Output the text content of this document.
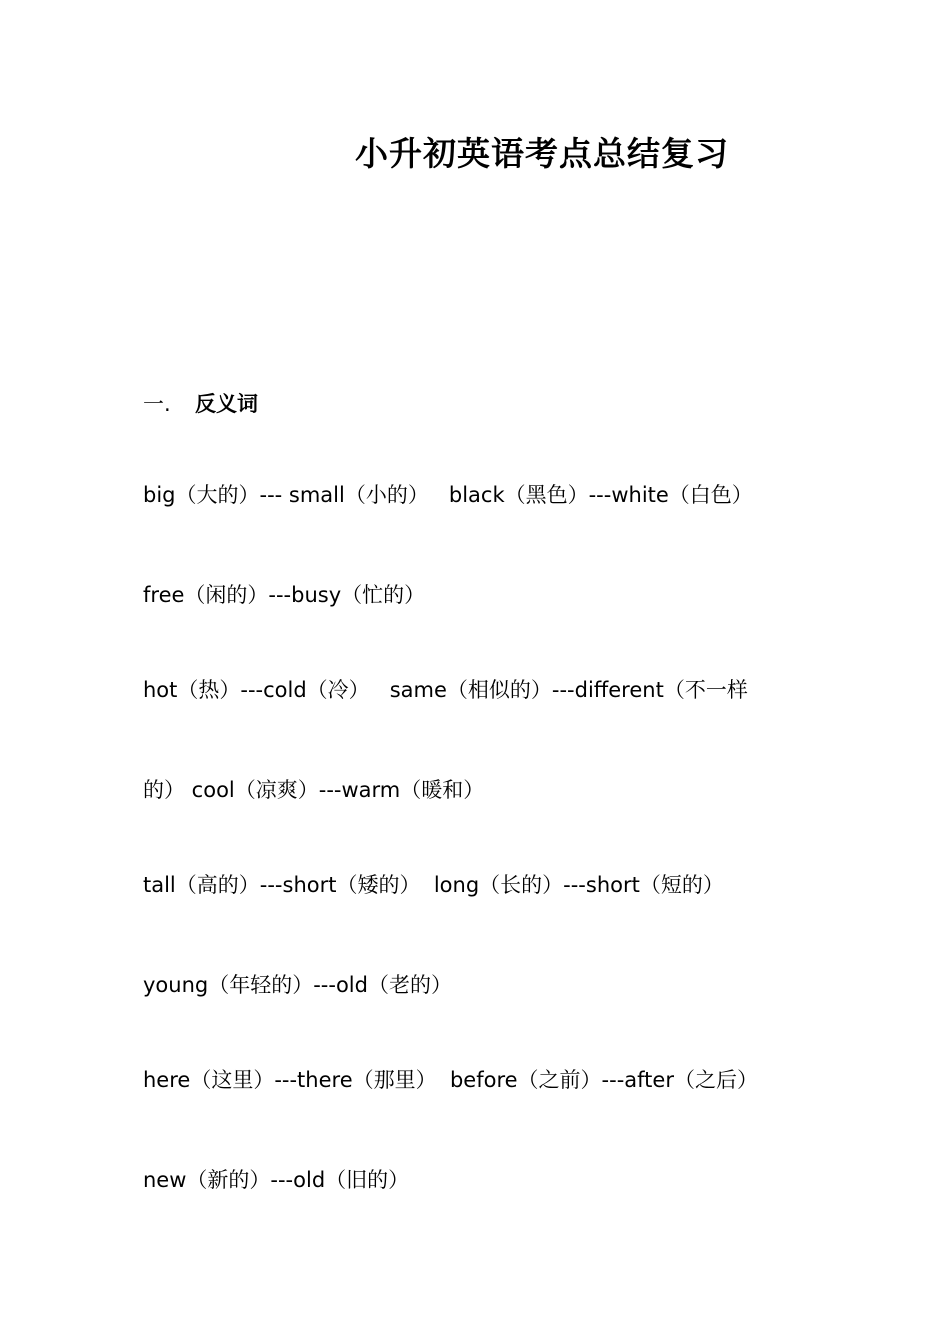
小升初英语考点总结复习
一. 反义词
big（大的）--- small（小的）   black（黑色）---white（白色）
free（闲的）---busy（忙的）
hot（热）---cold（冷）   same（相似的）---different（不一样
的） cool（凉爽）---warm（暖和）
tall（高的）---short（矮的）  long（长的）---short（短的）
young（年轻的）---old（老的）
here（这里）---there（那里）  before（之前）---after（之后）
new（新的）---old（旧的）
